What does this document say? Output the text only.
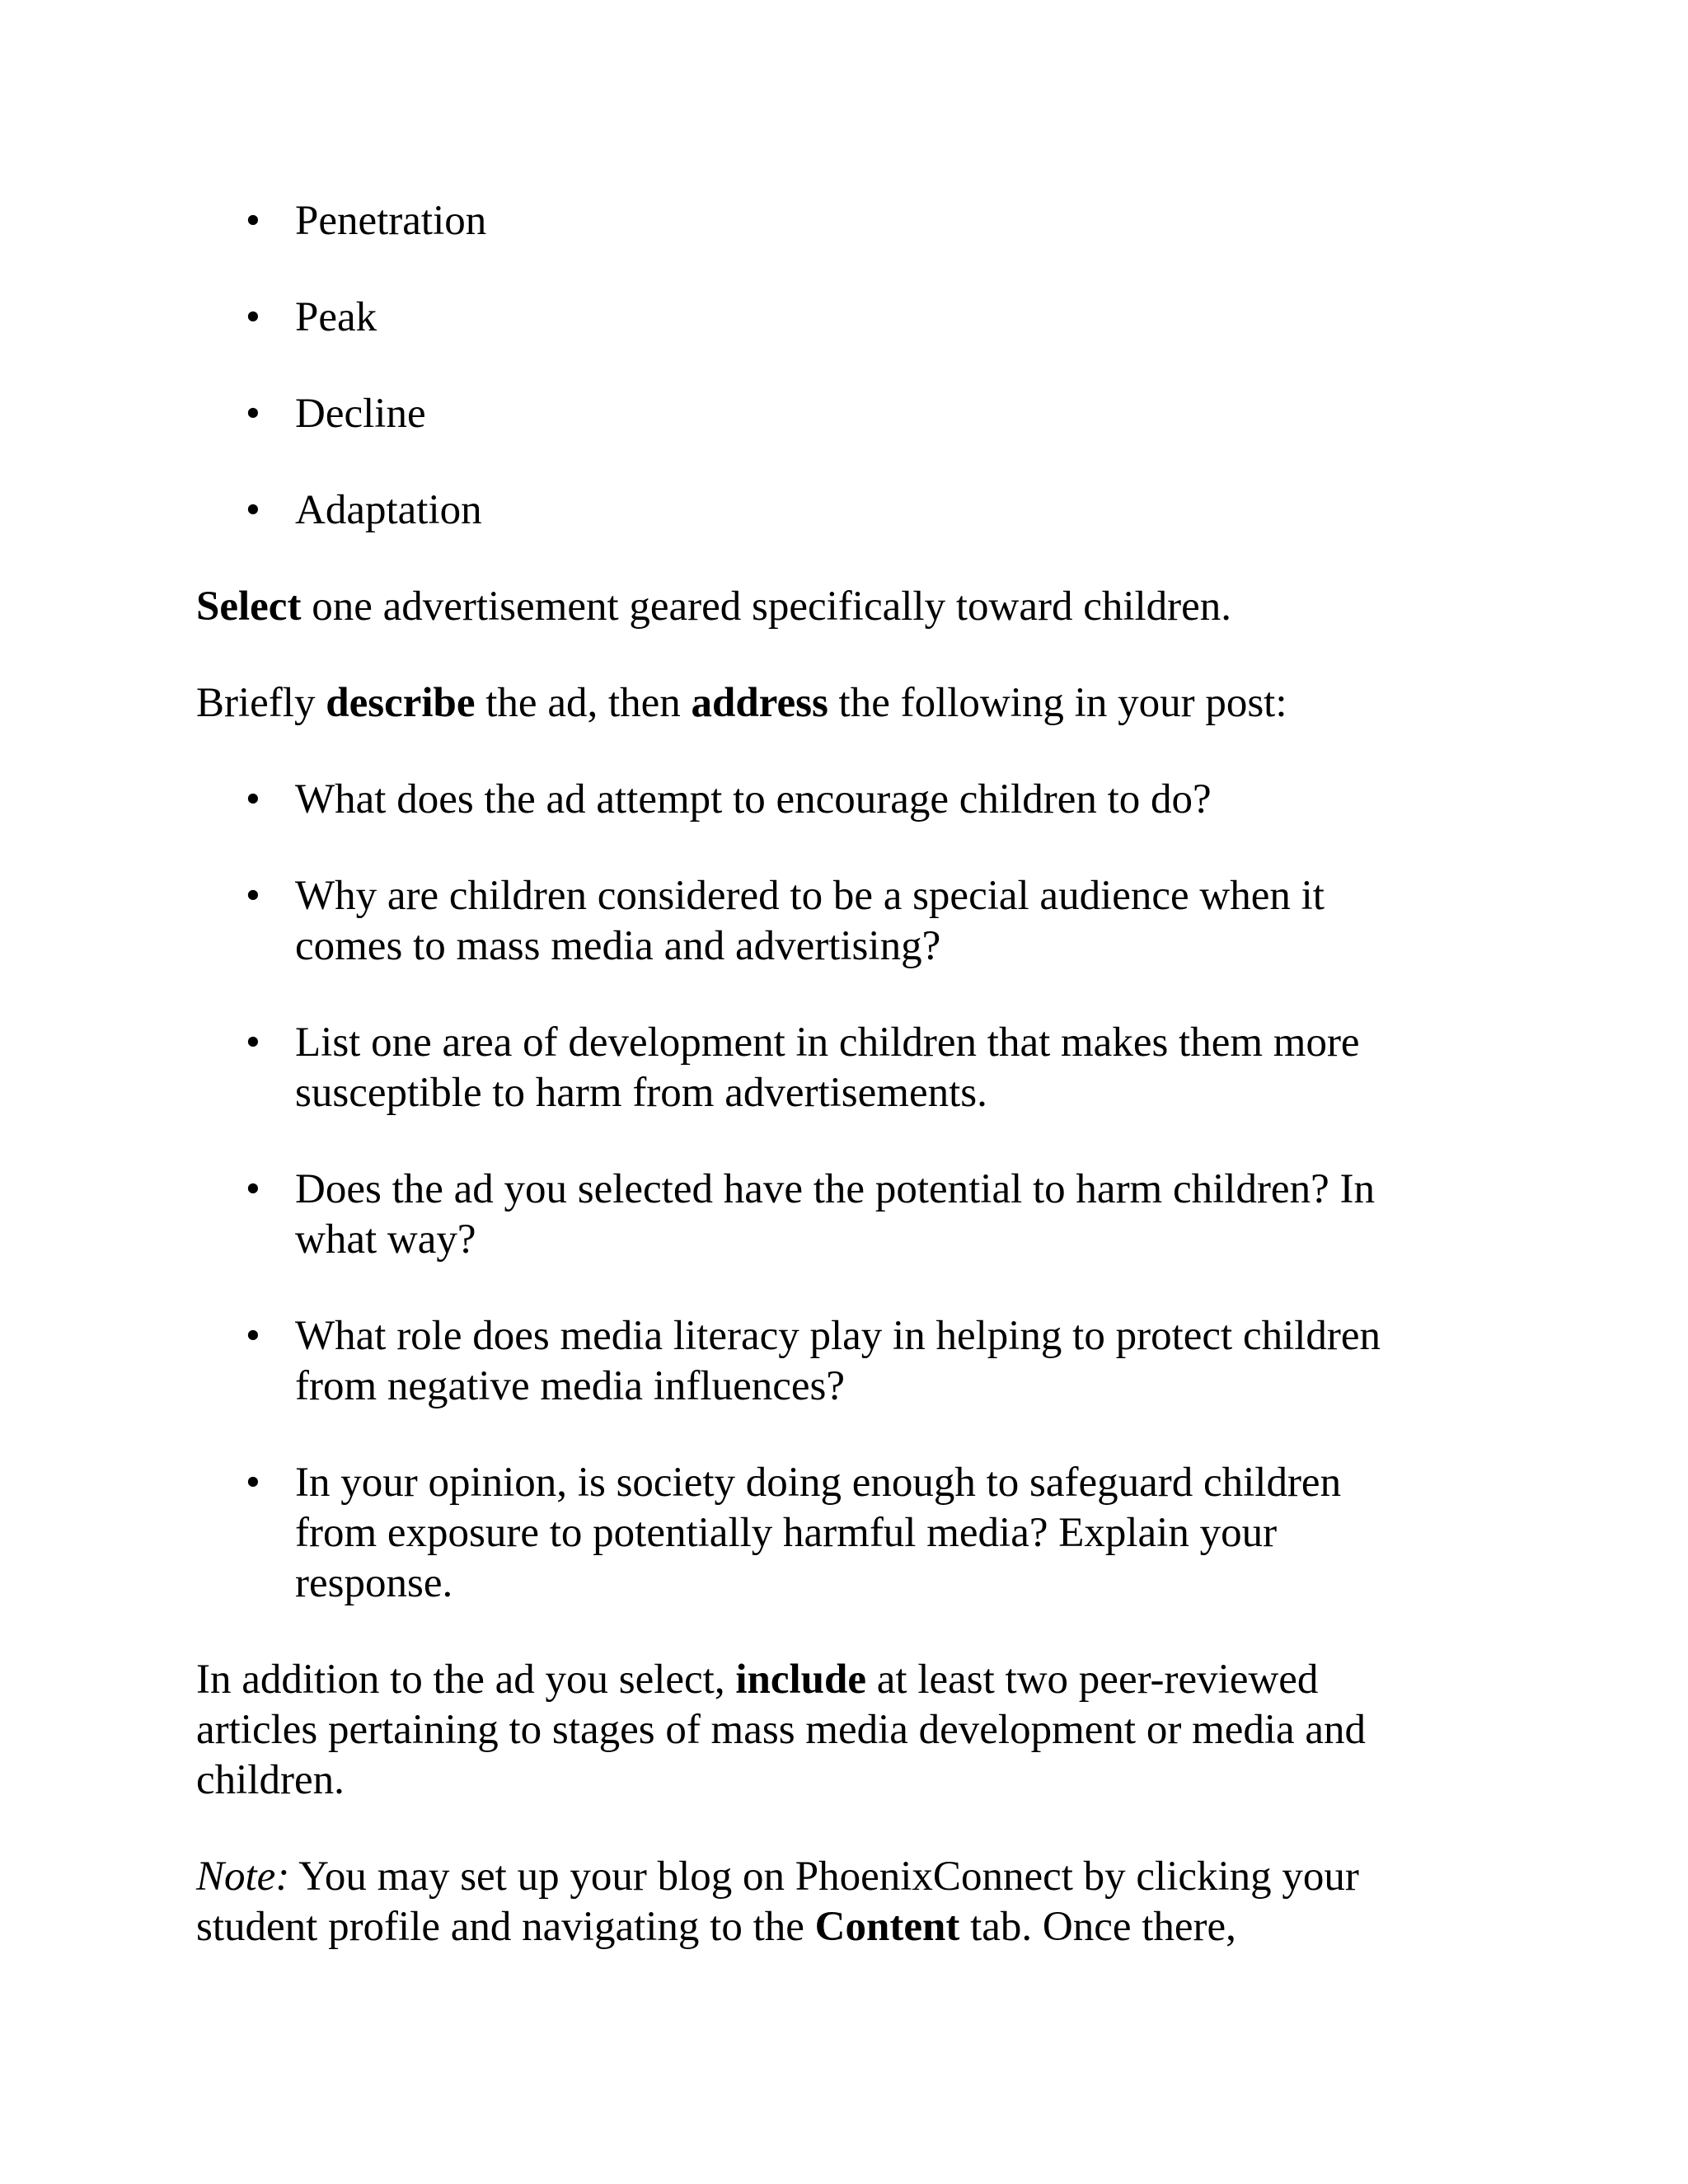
• Penetration
• Peak
• Decline
• Adaptation
Select one advertisement geared specifically toward children.
Briefly describe the ad, then address the following in your post:
• What does the ad attempt to encourage children to do?
• Why are children considered to be a special audience when it
comes to mass media and advertising?
• List one area of development in children that makes them more
susceptible to harm from advertisements.
• Does the ad you selected have the potential to harm children? In
what way?
• What role does media literacy play in helping to protect children
from negative media influences?
• In your opinion, is society doing enough to safeguard children
from exposure to potentially harmful media? Explain your
response.
In addition to the ad you select, include at least two peer-reviewed
articles pertaining to stages of mass media development or media and
children.
Note: You may set up your blog on PhoenixConnect by clicking your
student profile and navigating to the Content tab. Once there,
